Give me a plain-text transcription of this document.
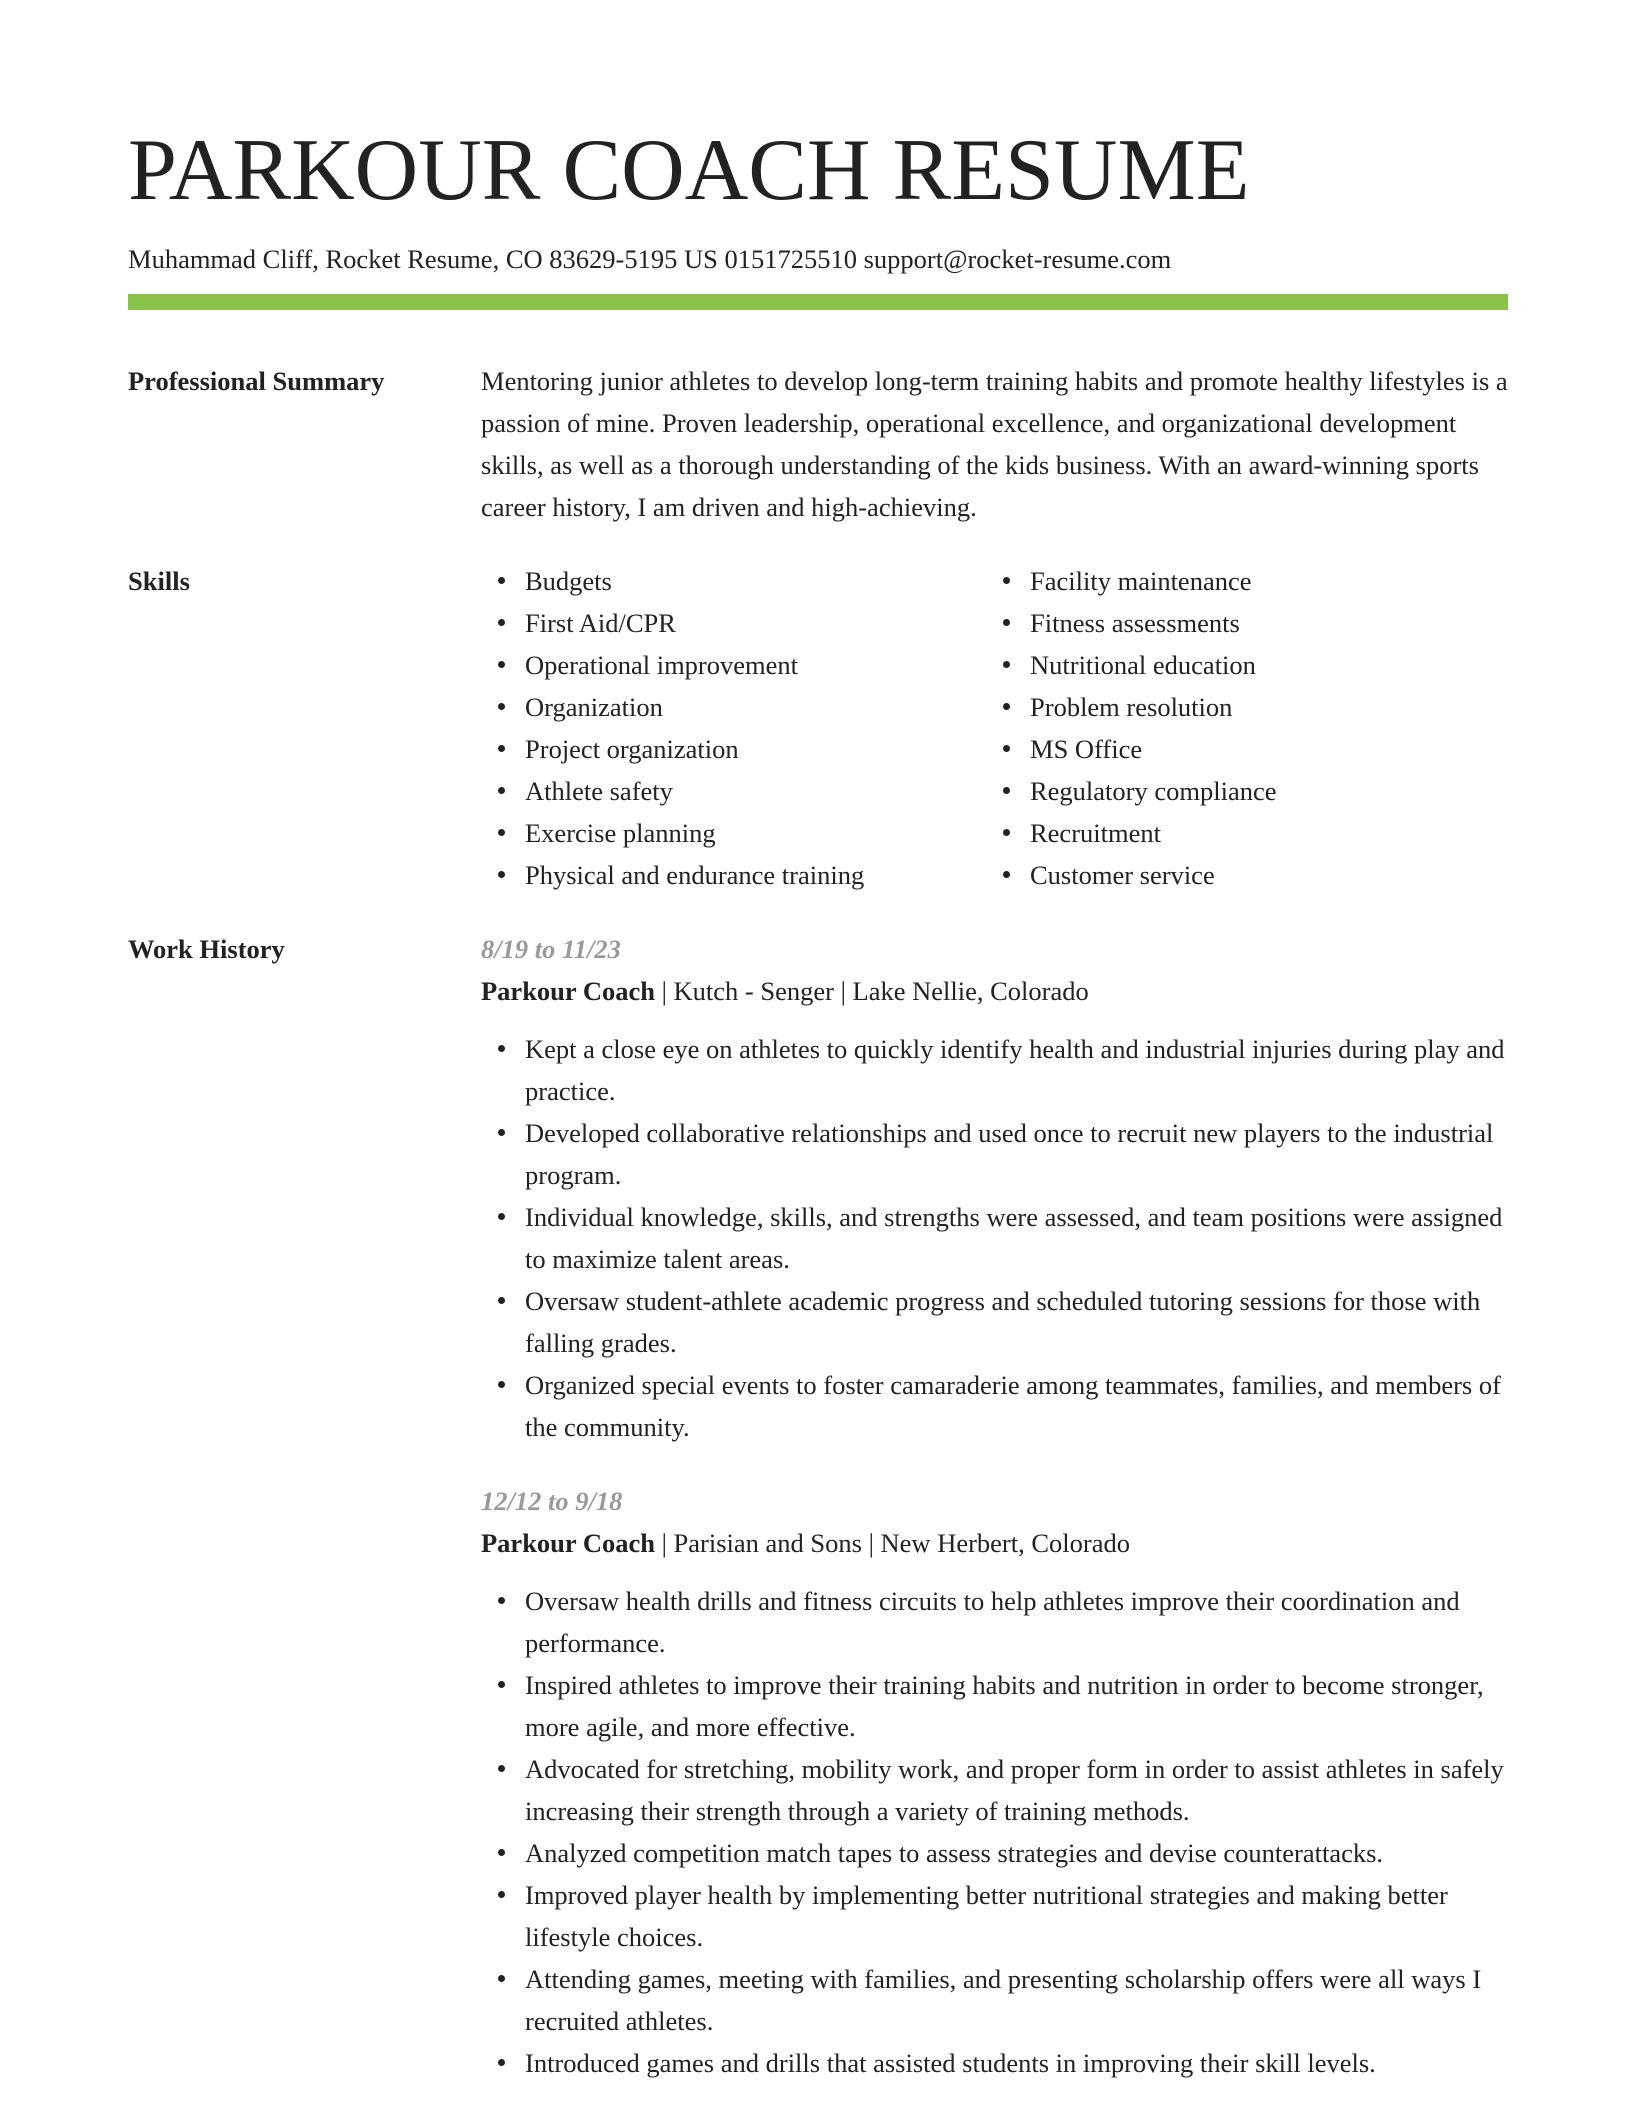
PARKOUR COACH RESUME
Muhammad Cliff, Rocket Resume, CO 83629-5195 US 0151725510 support@rocket-resume.com
Professional Summary	Mentoring junior athletes to develop long-term training habits and promote healthy lifestyles is a passion of mine. Proven leadership, operational excellence, and organizational development skills, as well as a thorough understanding of the kids business. With an award-winning sports career history, I am driven and high-achieving.

Skills	Budgets
First Aid/CPR
Operational improvement
Organization
Project organization
Athlete safety
Exercise planning
Physical and endurance training
Facility maintenance
Fitness assessments
Nutritional education
Problem resolution
MS Office
Regulatory compliance
Recruitment
Customer service
Work History	8/19 to 11/23
Parkour Coach | Kutch - Senger | Lake Nellie, Colorado
Kept a close eye on athletes to quickly identify health and industrial injuries during play and practice.
Developed collaborative relationships and used once to recruit new players to the industrial program.
Individual knowledge, skills, and strengths were assessed, and team positions were assigned to maximize talent areas.
Oversaw student-athlete academic progress and scheduled tutoring sessions for those with falling grades.
Organized special events to foster camaraderie among teammates, families, and members of the community.
12/12 to 9/18
Parkour Coach | Parisian and Sons | New Herbert, Colorado
Oversaw health drills and fitness circuits to help athletes improve their coordination and performance.
Inspired athletes to improve their training habits and nutrition in order to become stronger, more agile, and more effective.
Advocated for stretching, mobility work, and proper form in order to assist athletes in safely increasing their strength through a variety of training methods.
Analyzed competition match tapes to assess strategies and devise counterattacks.
Improved player health by implementing better nutritional strategies and making better lifestyle choices.
Attending games, meeting with families, and presenting scholarship offers were all ways I recruited athletes.
Introduced games and drills that assisted students in improving their skill levels.
